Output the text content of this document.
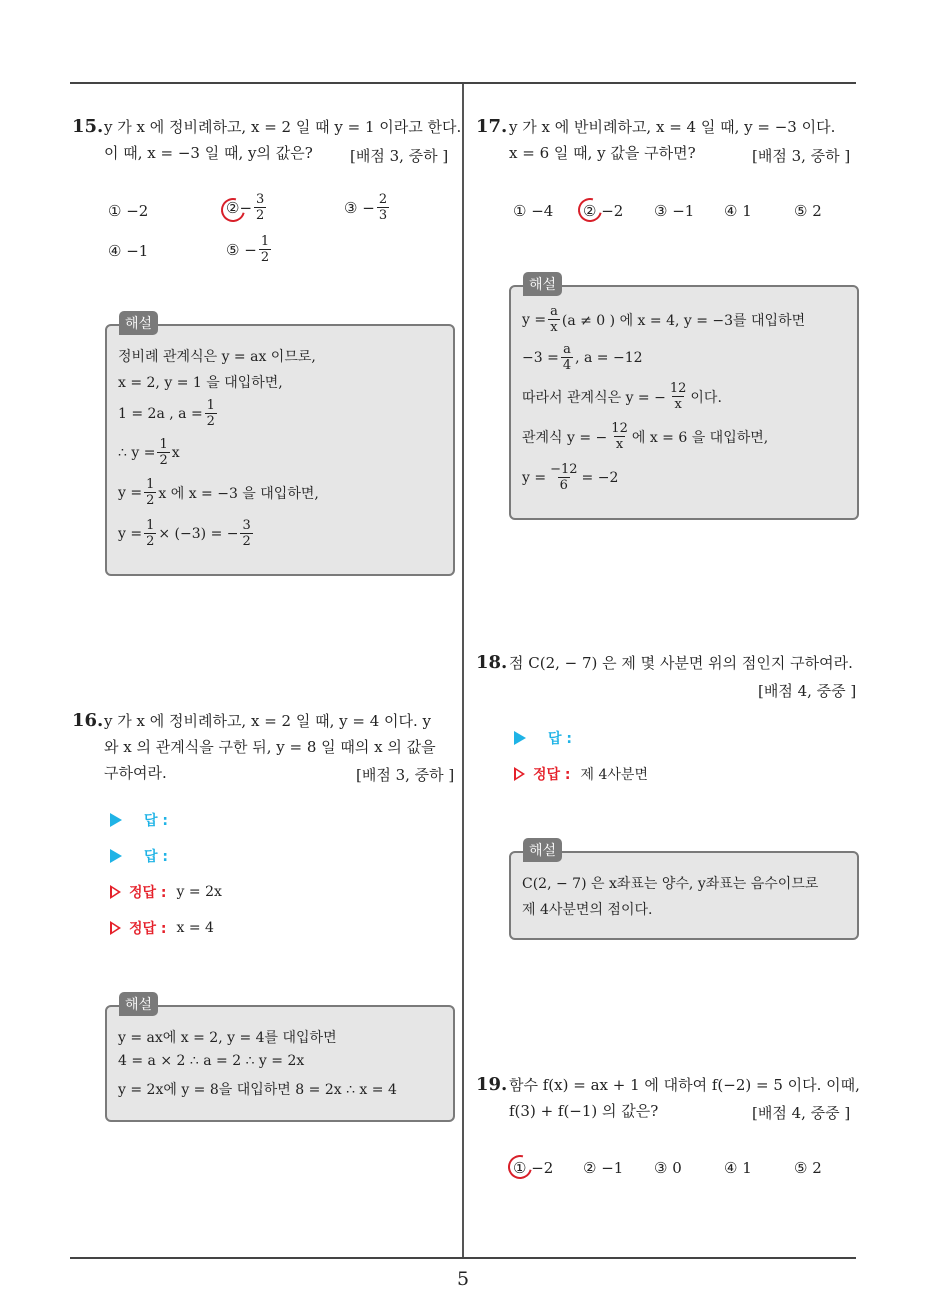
5
15. y 가 x 에 정비례하고, x = 2 일 때 y = 1 이라고 한다.
이 때, x = −3 일 때, y의 값은? [배점 3, 중하 ]
① −2	② − $\frac{3}{2}$	③
− $\frac{2}{3}$
④ −1	⑤
− $\frac{1}{2}$
해설
정비례 관계식은 y = ax 이므로,
x = 2, y = 1 을 대입하면,
1 = 2a , $a = \frac{1}{2}$
∴ $y = \frac{1}{2}$ x
$y = \frac{1}{2}$ x 에 x = −3 을 대입하면,
$y = \frac{1}{2} \times (-3)$ = − $\frac{3}{2}$
16. y 가 x 에 정비례하고, x = 2 일 때, y = 4 이다. y
와 x 의 관계식을 구한 뒤, y = 8 일 때의 x 의 값을
구하여라.	[배점 3, 중하 ]
답 :
답 :
정답 : y = 2x
정답 : x = 4
해설
y = ax에 x = 2, y = 4를 대입하면
4 = a × 2 ∴ a = 2 ∴ y = 2x
y = 2x에 y = 8을 대입하면 8 = 2x ∴ x = 4
17. y 가 x 에 반비례하고, x = 4 일 때, y = −3 이다.
x = 6 일 때, y 값을 구하면?	[배점 3, 중하 ]
① −4 ②
−2 ③ −1 ④ 1	⑤ 2
해설
$y = \frac{a}{x} (a \ne 0$ ) 에 x = 4, y = −3를 대입하면
$-3 = \frac{a}{4}$ , a = −12
따라서 관계식은 y = − $\frac{12}{x}$ 이다.
관계식 y = − $\frac{12}{x}$ 에 x = 6 을 대입하면,
$y = \frac{-12}{6} = -2$
18. 점 C(2, − 7) 은 제 몇 사분면 위의 점인지 구하여라.
[배점 4, 중중 ]
답 :
정답 : 제 4사분면
해설
C(2, − 7) 은 x좌표는 양수, y좌표는 음수이므로
제 4사분면의 점이다.
19. 함수 f(x) = ax + 1 에 대하여 f(−2) = 5 이다. 이때,
f(3) + f(−1) 의 값은?	[배점 4, 중중 ]
①
−2 ② −1 ③ 0	④ 1	⑤ 2
